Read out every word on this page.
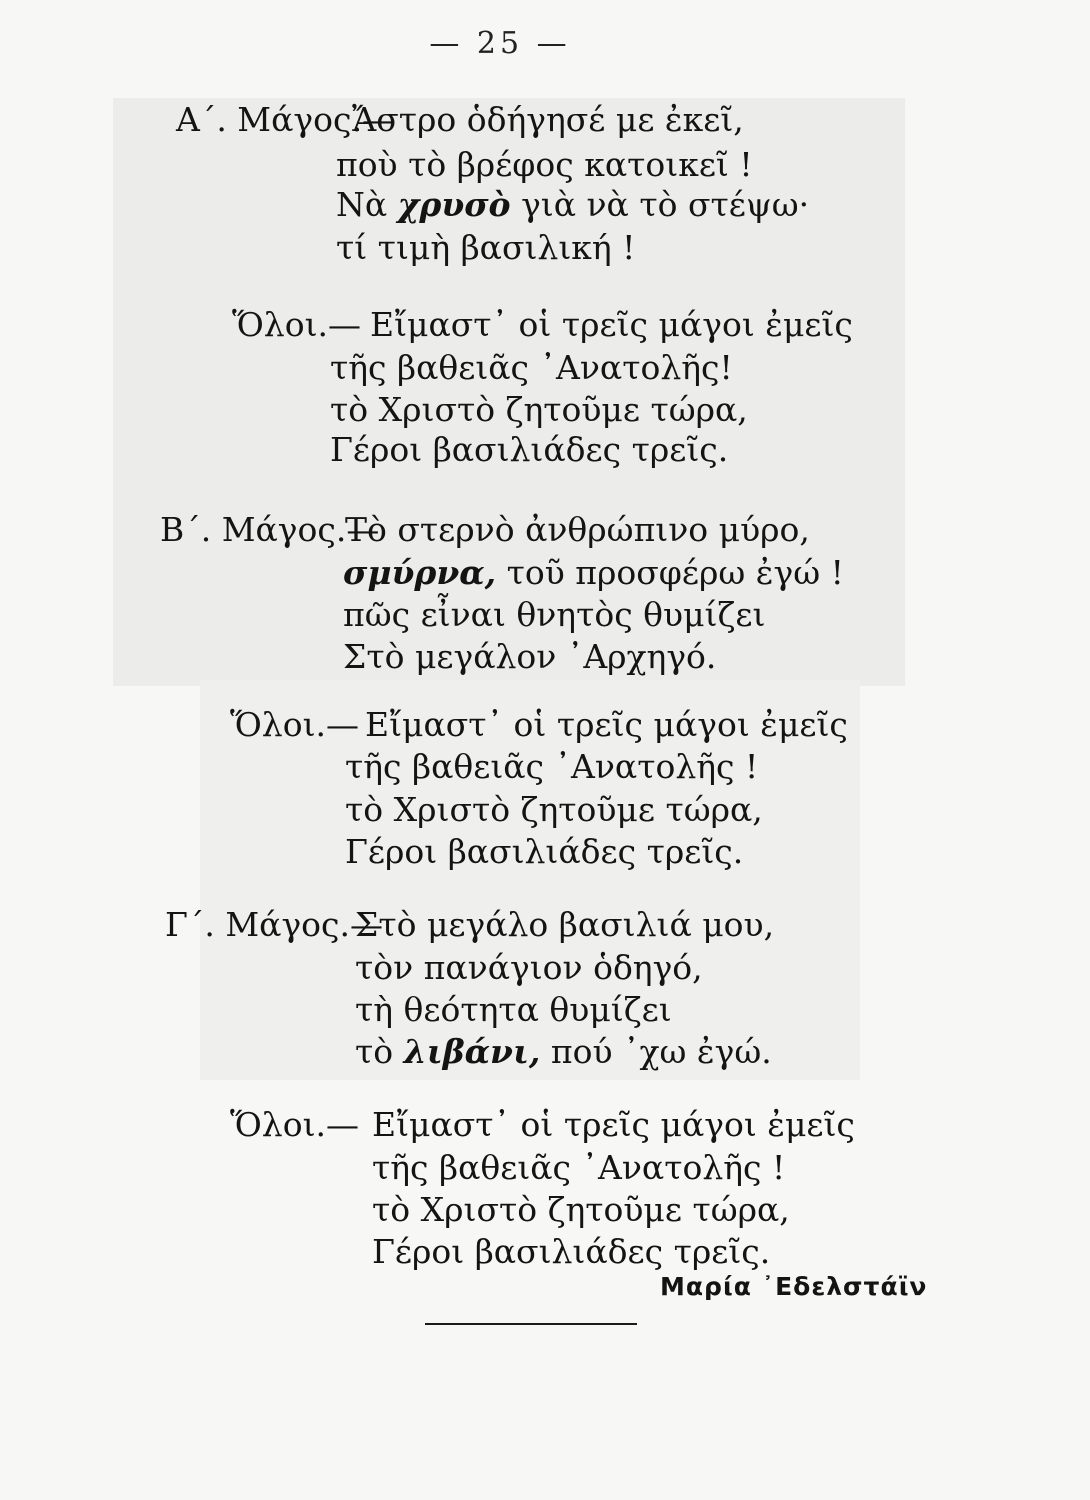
— 25 —
Α΄. Μάγος.—
Ἄστρο ὁδήγησέ με ἐκεῖ,
ποὺ τὸ βρέφος κατοικεῖ !
Νὰ χρυσὸ γιὰ νὰ τὸ στέψω·
τί τιμὴ βασιλική !
Ὅλοι.— Εἴμαστ᾽ οἱ τρεῖς μάγοι ἐμεῖς
τῆς βαθειᾶς ᾿Ανατολῆς!
τὸ Χριστὸ ζητοῦμε τώρα,
Γέροι βασιλιάδες τρεῖς.
Β΄. Μάγος.—
Τὸ στερνὸ ἀνθρώπινο μύρο,
σμύρνα, τοῦ προσφέρω ἐγώ !
πῶς εἶναι θνητὸς θυμίζει
Στὸ μεγάλον ᾿Αρχηγό.
Ὅλοι.— Εἴμαστ᾽ οἱ τρεῖς μάγοι ἐμεῖς
τῆς βαθειᾶς ᾿Ανατολῆς !
τὸ Χριστὸ ζητοῦμε τώρα,
Γέροι βασιλιάδες τρεῖς.
Γ΄. Μάγος.—
Στὸ μεγάλο βασιλιά μου,
τὸν πανάγιον ὁδηγό,
τὴ θεότητα θυμίζει
τὸ λιβάνι, πού ᾽χω ἐγώ.
Ὅλοι.— Εἴμαστ᾽ οἱ τρεῖς μάγοι ἐμεῖς
τῆς βαθειᾶς ᾿Ανατολῆς !
τὸ Χριστὸ ζητοῦμε τώρα,
Γέροι βασιλιάδες τρεῖς.
Μαρία ᾿Εδελστάϊν
